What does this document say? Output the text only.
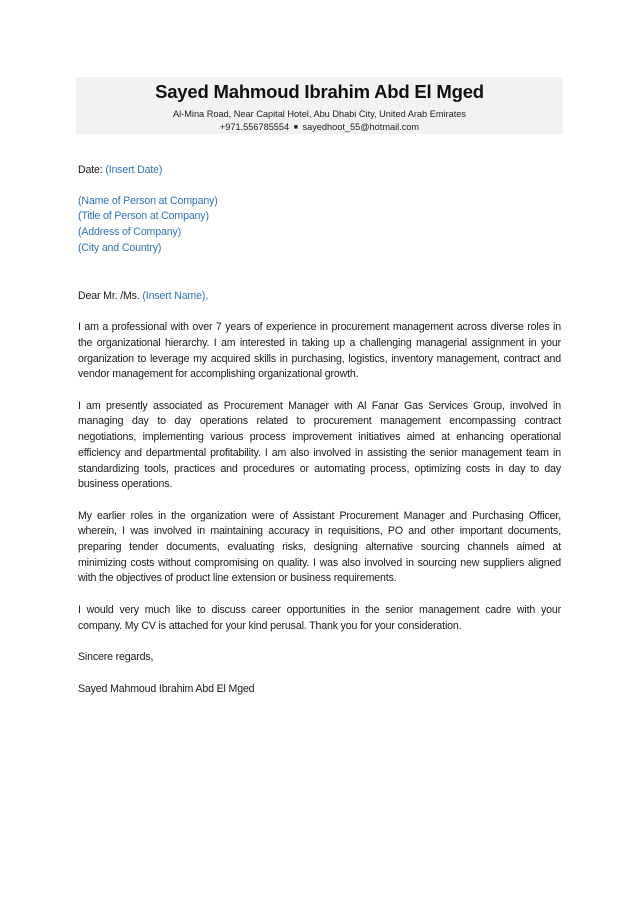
Sayed Mahmoud Ibrahim Abd El Mged
Al-Mina Road, Near Capital Hotel, Abu Dhabi City, United Arab Emirates
+971.556785554 ■ sayedhoot_55@hotmail.com
Date: (Insert Date)
(Name of Person at Company)
(Title of Person at Company)
(Address of Company)
(City and Country)
Dear Mr. /Ms. (Insert Name),

I am a professional with over 7 years of experience in procurement management across diverse roles in the organizational hierarchy. I am interested in taking up a challenging managerial assignment in your organization to leverage my acquired skills in purchasing, logistics, inventory management, contract and vendor management for accomplishing organizational growth.

I am presently associated as Procurement Manager with Al Fanar Gas Services Group, involved in managing day to day operations related to procurement management encompassing contract negotiations, implementing various process improvement initiatives aimed at enhancing operational efficiency and departmental profitability. I am also involved in assisting the senior management team in standardizing tools, practices and procedures or automating process, optimizing costs in day to day business operations.

My earlier roles in the organization were of Assistant Procurement Manager and Purchasing Officer, wherein, I was involved in maintaining accuracy in requisitions, PO and other important documents, preparing tender documents, evaluating risks, designing alternative sourcing channels aimed at minimizing costs without compromising on quality. I was also involved in sourcing new suppliers aligned with the objectives of product line extension or business requirements.

I would very much like to discuss career opportunities in the senior management cadre with your company. My CV is attached for your kind perusal. Thank you for your consideration.

Sincere regards,
Sayed Mahmoud Ibrahim Abd El Mged
